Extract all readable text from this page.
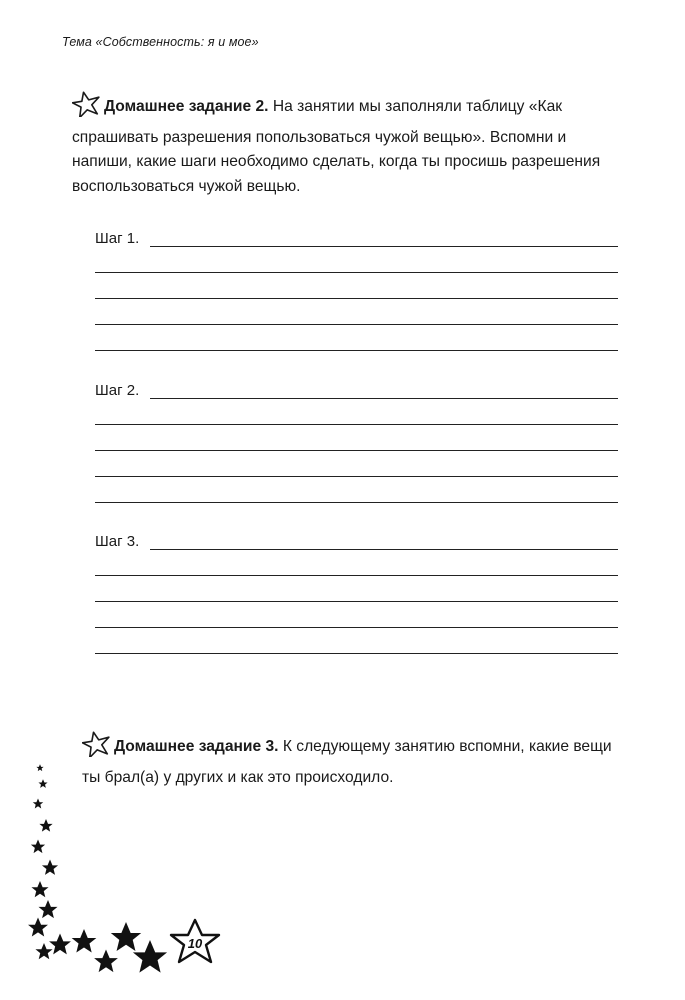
Тема «Собственность: я и мое»
Домашнее задание 2. На занятии мы заполняли таблицу «Как спрашивать разрешения попользоваться чужой вещью». Вспомни и напиши, какие шаги необходимо сделать, когда ты просишь разрешения воспользоваться чужой вещью.
Шаг 1.
Шаг 2.
Шаг 3.
Домашнее задание 3. К следующему занятию вспомни, какие вещи ты брал(а) у других и как это происходило.
10
